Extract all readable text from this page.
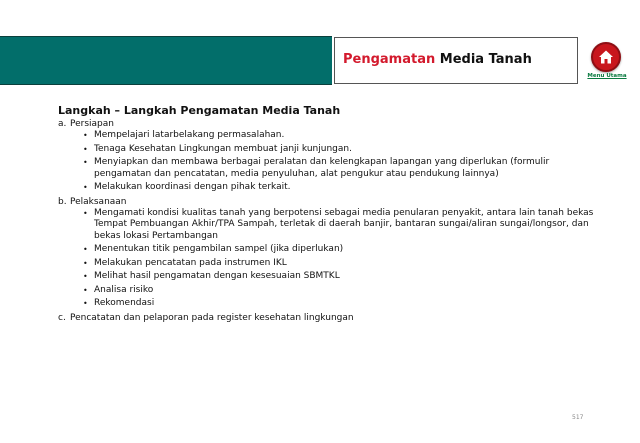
Pengamatan Media Tanah
Menu Utama
Langkah – Langkah Pengamatan Media Tanah
a. Persiapan
• Mempelajari latarbelakang permasalahan.
• Tenaga Kesehatan Lingkungan membuat janji kunjungan.
• Menyiapkan dan membawa berbagai peralatan dan kelengkapan lapangan yang diperlukan (formulir pengamatan dan pencatatan, media penyuluhan, alat pengukur atau pendukung lainnya)
• Melakukan koordinasi dengan pihak terkait.
b. Pelaksanaan
• Mengamati kondisi kualitas tanah yang berpotensi sebagai media penularan penyakit, antara lain tanah bekas Tempat Pembuangan Akhir/TPA Sampah, terletak di daerah banjir, bantaran sungai/aliran sungai/longsor, dan bekas lokasi Pertambangan
• Menentukan titik pengambilan sampel (jika diperlukan)
• Melakukan pencatatan pada instrumen IKL
• Melihat hasil pengamatan dengan kesesuaian SBMTKL
• Analisa risiko
• Rekomendasi
c. Pencatatan dan pelaporan pada register kesehatan lingkungan
517
